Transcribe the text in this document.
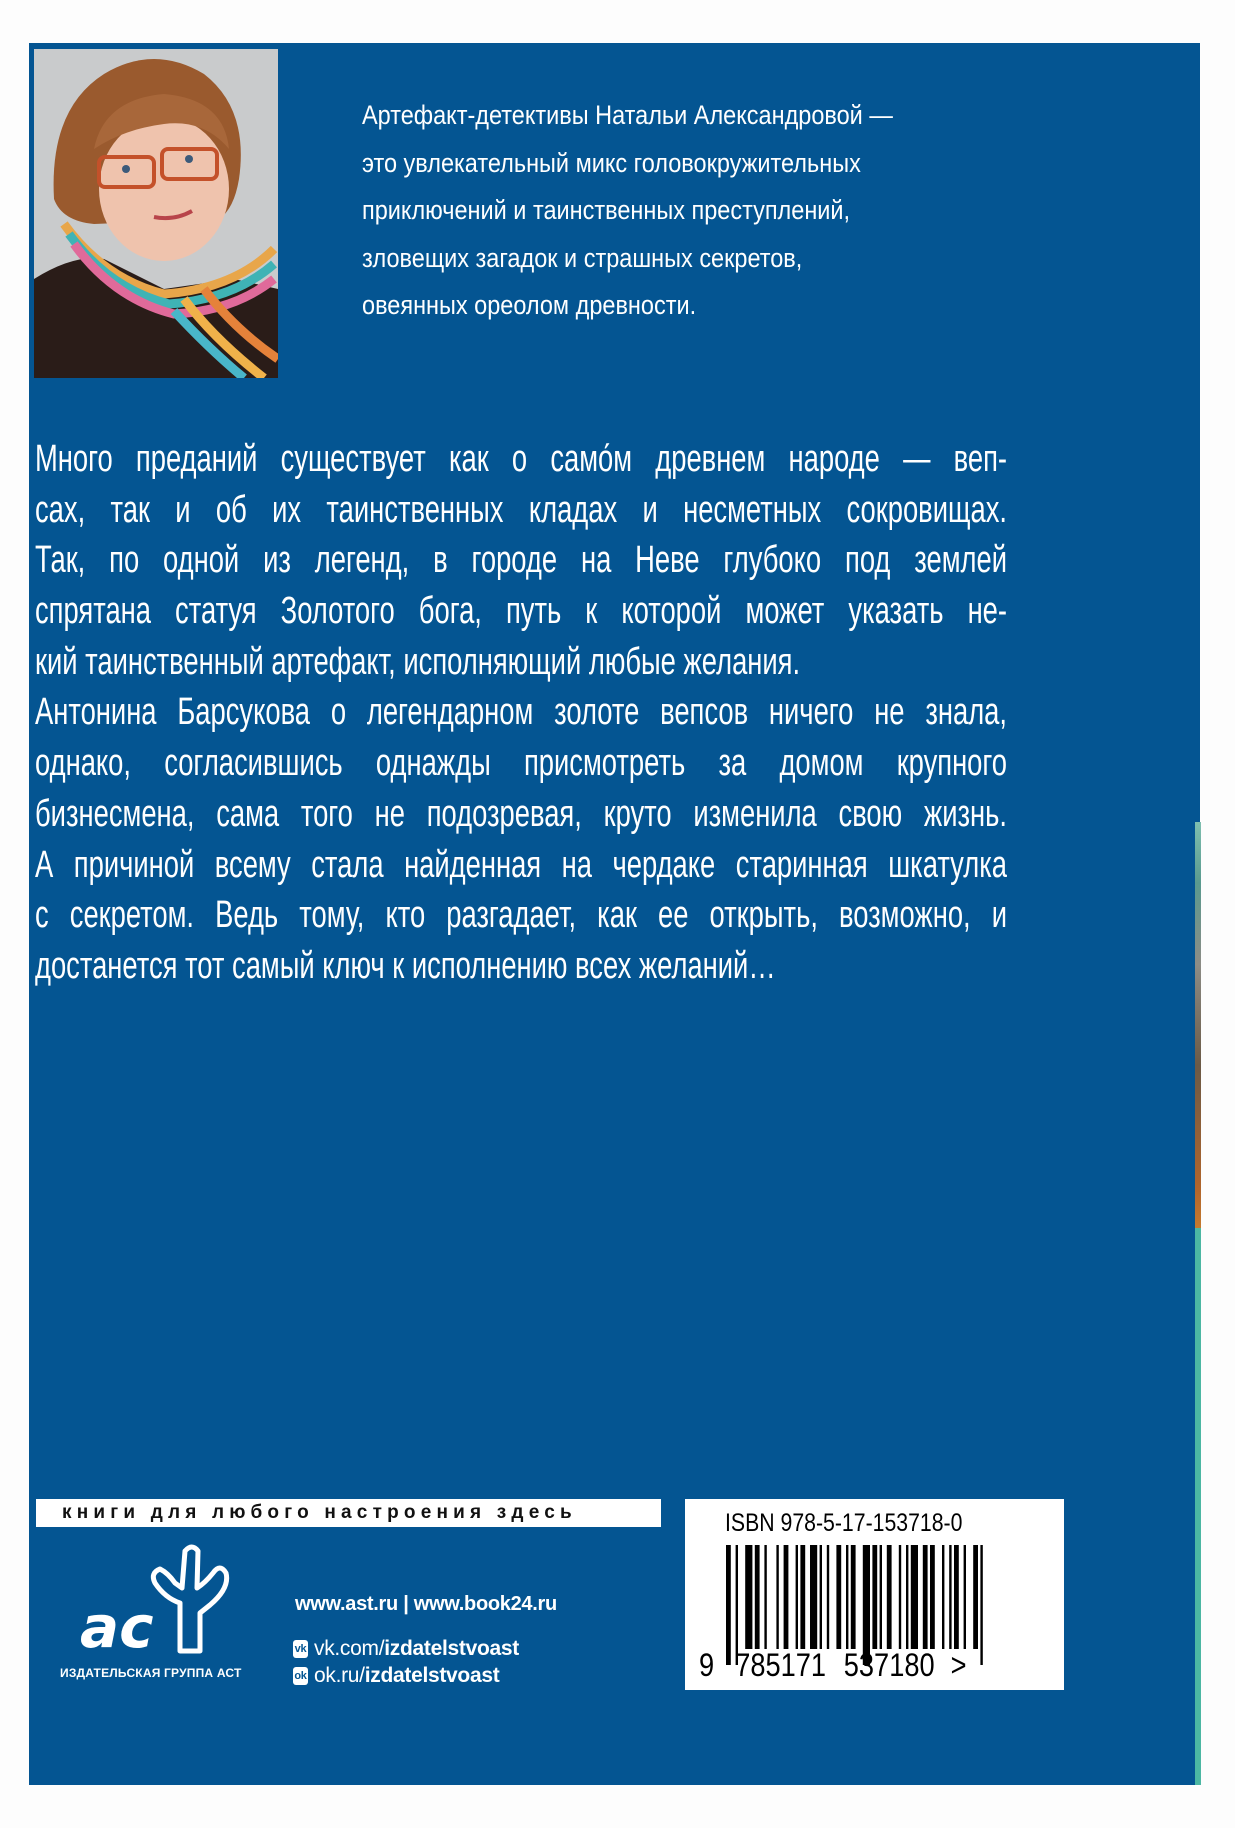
Артефакт-детективы Натальи Александровой —
это увлекательный микс головокружительных
приключений и таинственных преступлений,
зловещих загадок и страшных секретов,
овеянных ореолом древности.
Много преданий существует как о само́м древнем народе — веп-
сах, так и об их таинственных кладах и несметных сокровищах.
Так, по одной из легенд, в городе на Неве глубоко под землей
спрятана статуя Золотого бога, путь к которой может указать не-
кий таинственный артефакт, исполняющий любые желания.
Антонина Барсукова о легендарном золоте вепсов ничего не знала,
однако, согласившись однажды присмотреть за домом крупного
бизнесмена, сама того не подозревая, круто изменила свою жизнь.
А причиной всему стала найденная на чердаке старинная шкатулка
с секретом. Ведь тому, кто разгадает, как ее открыть, возможно, и
достанется тот самый ключ к исполнению всех желаний…
книги для любого настроения здесь
ас
ИЗДАТЕЛЬСКАЯ ГРУППА АСТ
www.ast.ru | www.book24.ru
vk vk.com/izdatelstvoast
ok ok.ru/izdatelstvoast
ISBN 978-5-17-153718-0
9 785171 537180 >
